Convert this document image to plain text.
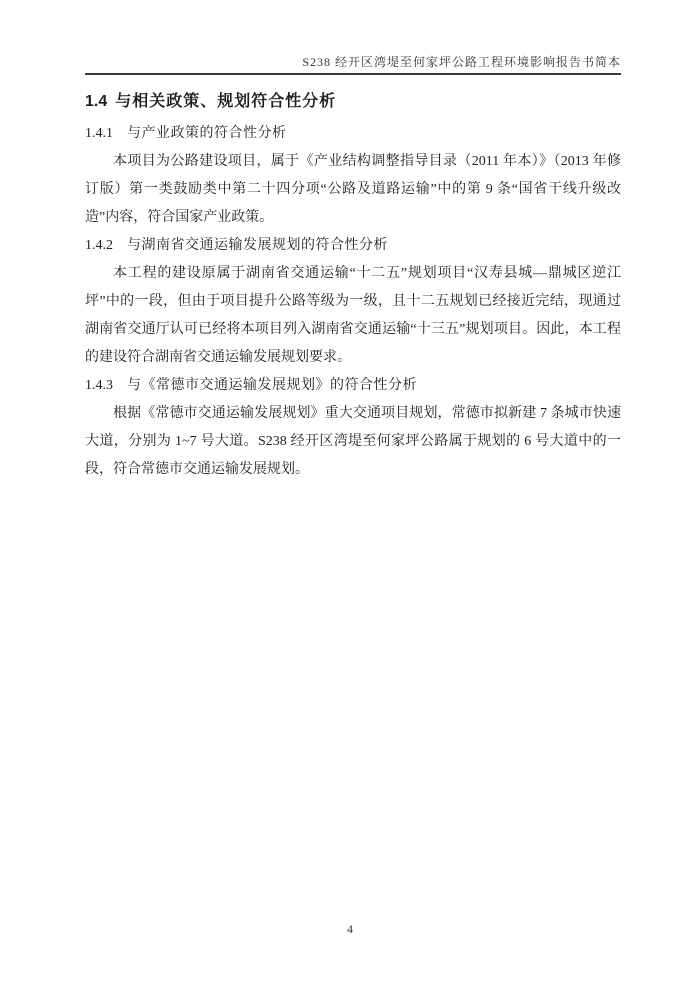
S238 经开区湾堤至何家坪公路工程环境影响报告书简本
1.4 与相关政策、规划符合性分析
1.4.1 与产业政策的符合性分析

本项目为公路建设项目，属于《产业结构调整指导目录（2011 年本）》（2013 年修订版）第一类鼓励类中第二十四分项“公路及道路运输”中的第 9 条“国省干线升级改造”内容，符合国家产业政策。

1.4.2 与湖南省交通运输发展规划的符合性分析

本工程的建设原属于湖南省交通运输“十二五”规划项目“汉寿县城—鼎城区逆江坪”中的一段，但由于项目提升公路等级为一级，且十二五规划已经接近完结，现通过湖南省交通厅认可已经将本项目列入湖南省交通运输“十三五”规划项目。因此，本工程的建设符合湖南省交通运输发展规划要求。

1.4.3 与《常德市交通运输发展规划》的符合性分析

根据《常德市交通运输发展规划》重大交通项目规划，常德市拟新建 7 条城市快速大道，分别为 1~7 号大道。S238 经开区湾堤至何家坪公路属于规划的 6 号大道中的一段，符合常德市交通运输发展规划。

4
